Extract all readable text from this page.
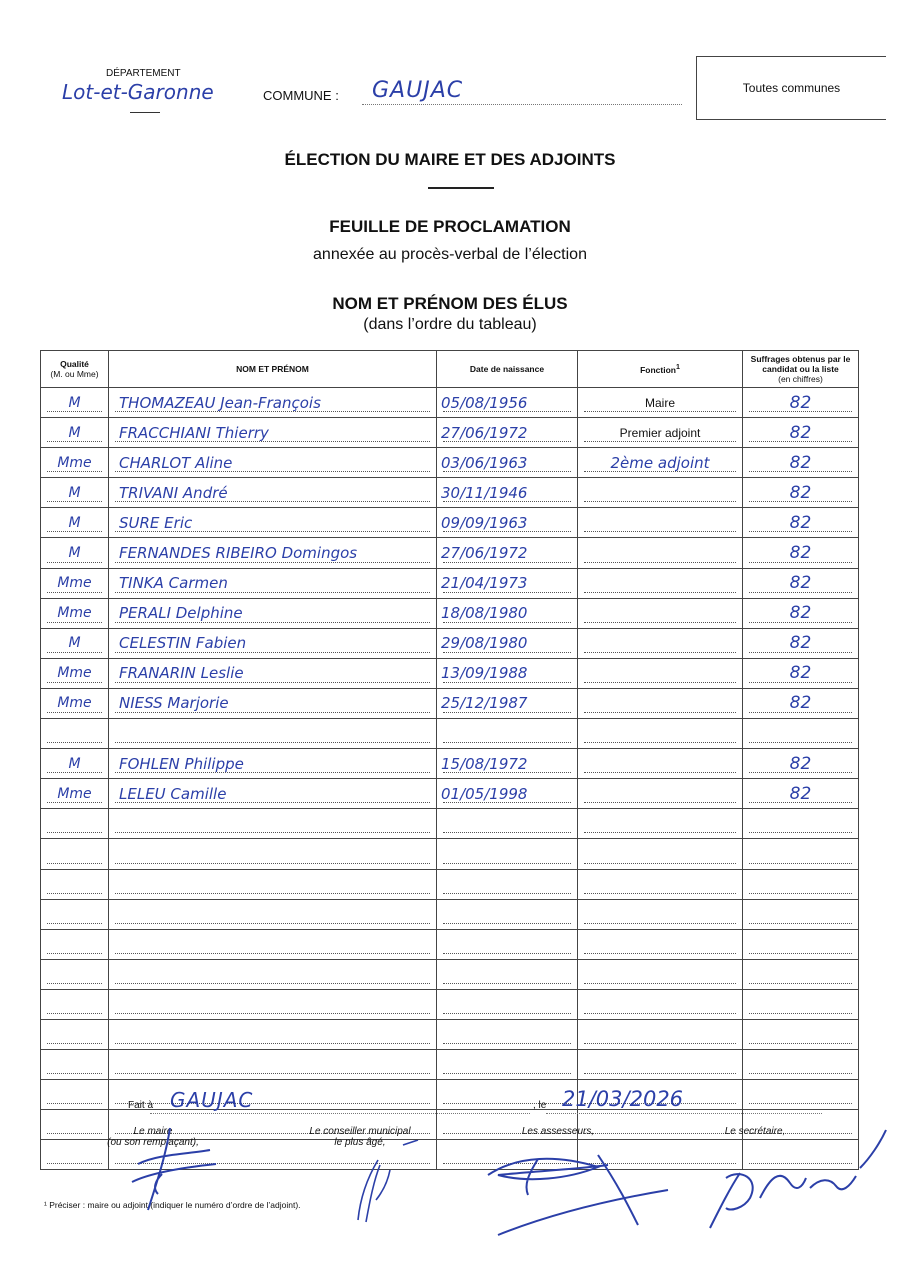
DÉPARTEMENT
Lot-et-Garonne	COMMUNE : GAUJAC	Toutes communes
ÉLECTION DU MAIRE ET DES ADJOINTS
FEUILLE DE PROCLAMATION
annexée au procès-verbal de l’élection
NOM ET PRÉNOM DES ÉLUS
(dans l’ordre du tableau)
Qualité
(M. ou Mme)	NOM ET PRÉNOM	Date de naissance	Fonction$^1$	Suffrages obtenus par le candidat ou la liste
(en chiffres)

M	THOMAZEAU Jean-François	05/08/1956	Maire	82

M	FRACCHIANI Thierry	27/06/1972	Premier adjoint	82

Mme	CHARLOT Aline	03/06/1963	2ème adjoint	82

M	TRIVANI André	30/11/1946		82

M	SURE Eric	09/09/1963		82

M	FERNANDES RIBEIRO Domingos	27/06/1972		82

Mme	TINKA Carmen	21/04/1973		82

Mme	PERALI Delphine	18/08/1980		82

M	CELESTIN Fabien	29/08/1980		82

Mme	FRANARIN Leslie	13/09/1988		82

Mme	NIESS Marjorie	25/12/1987		82

M	FOHLEN Philippe	15/08/1972		82

Mme	LELEU Camille	01/05/1998		82

Fait à GAUJAC	, le 21/03/2026
Le maire
(ou son remplaçant),
Le conseiller municipal
le plus âgé,
Les assesseurs,	Le secrétaire,
¹ Préciser : maire ou adjoint (indiquer le numéro d’ordre de l’adjoint).
